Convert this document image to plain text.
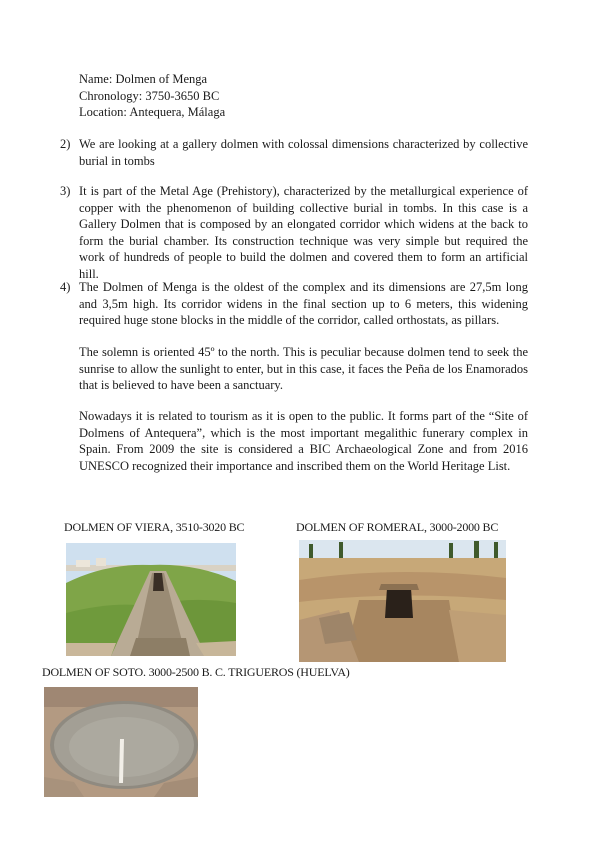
Name: Dolmen of Menga
Chronology: 3750-3650 BC
Location: Antequera, Málaga
2) We are looking at a gallery dolmen with colossal dimensions characterized by collective burial in tombs
3) It is part of the Metal Age (Prehistory), characterized by the metallurgical experience of copper with the phenomenon of building collective burial in tombs. In this case is a Gallery Dolmen that is composed by an elongated corridor which widens at the back to form the burial chamber. Its construction technique was very simple but required the work of hundreds of people to build the dolmen and covered them to form an artificial hill.
4) The Dolmen of Menga is the oldest of the complex and its dimensions are 27,5m long and 3,5m high. Its corridor widens in the final section up to 6 meters, this widening required huge stone blocks in the middle of the corridor, called orthostats, as pillars.
The solemn is oriented 45º to the north. This is peculiar because dolmen tend to seek the sunrise to allow the sunlight to enter, but in this case, it faces the Peña de los Enamorados that is believed to have been a sanctuary.
Nowadays it is related to tourism as it is open to the public. It forms part of the “Site of Dolmens of Antequera”, which is the most important megalithic funerary complex in Spain. From 2009 the site is considered a BIC Archaeological Zone and from 2016 UNESCO recognized their importance and inscribed them on the World Heritage List.
DOLMEN OF VIERA, 3510-3020 BC	DOLMEN OF ROMERAL, 3000-2000 BC
DOLMEN OF SOTO. 3000-2500 B. C. TRIGUEROS (HUELVA)
